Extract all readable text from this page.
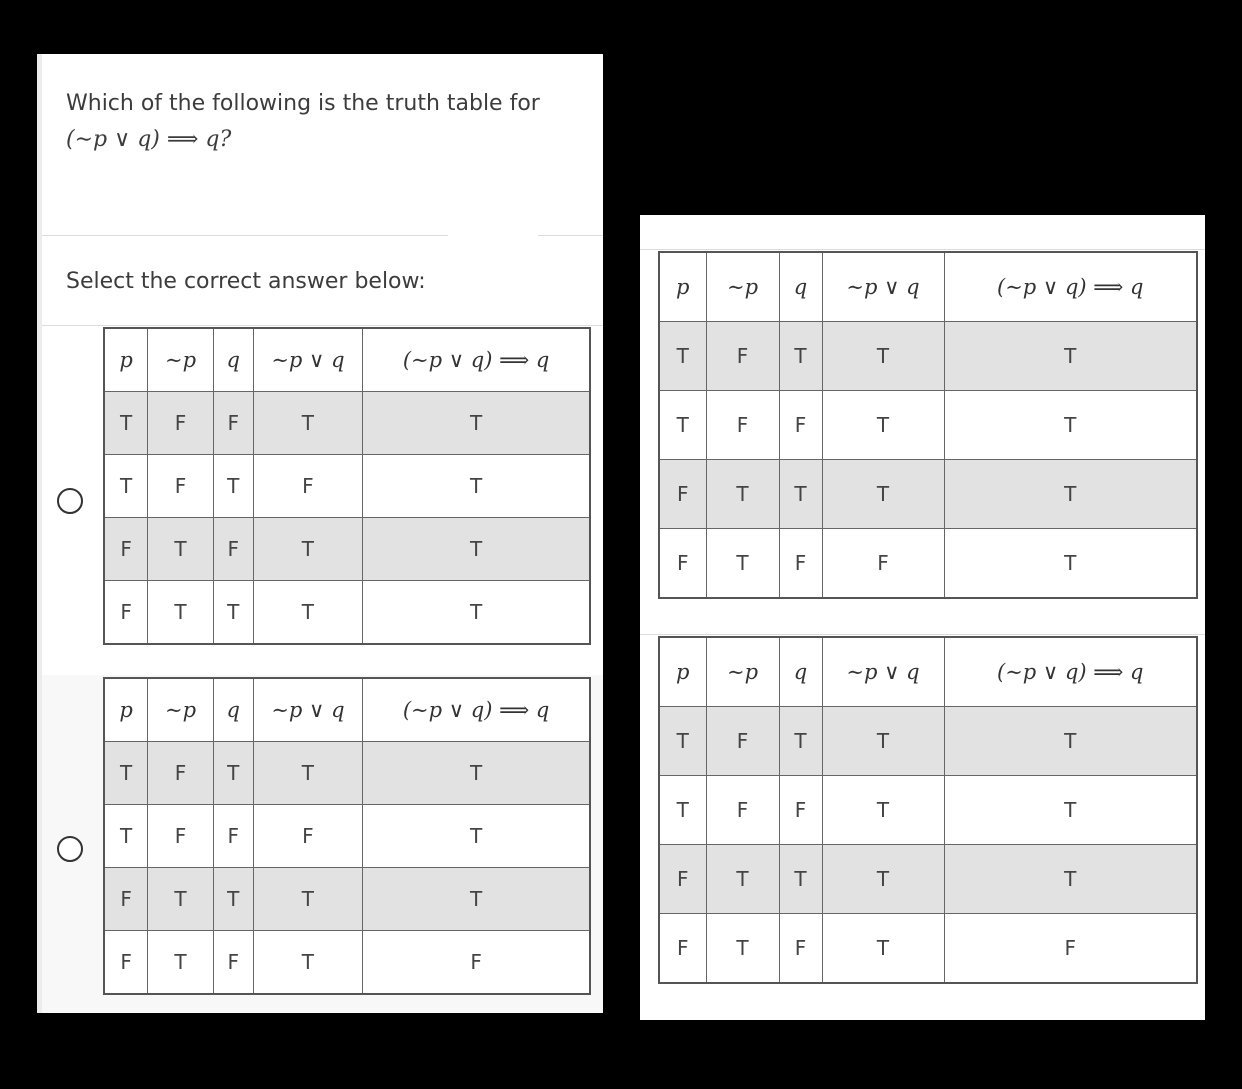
Which of the following is the truth table for
(∼p ∨ q) ⟹ q?
Select the correct answer below:
p	∼p	q	∼p ∨ q	(∼p ∨ q) ⟹ q
T	F	F	T	T
T	F	T	F	T
F	T	F	T	T
F	T	T	T	T
p	∼p	q	∼p ∨ q	(∼p ∨ q) ⟹ q
T	F	T	T	T
T	F	F	F	T
F	T	T	T	T
F	T	F	T	F
p	∼p	q	∼p ∨ q	(∼p ∨ q) ⟹ q
T	F	T	T	T
T	F	F	T	T
F	T	T	T	T
F	T	F	F	T
p	∼p	q	∼p ∨ q	(∼p ∨ q) ⟹ q
T	F	T	T	T
T	F	F	T	T
F	T	T	T	T
F	T	F	T	F
